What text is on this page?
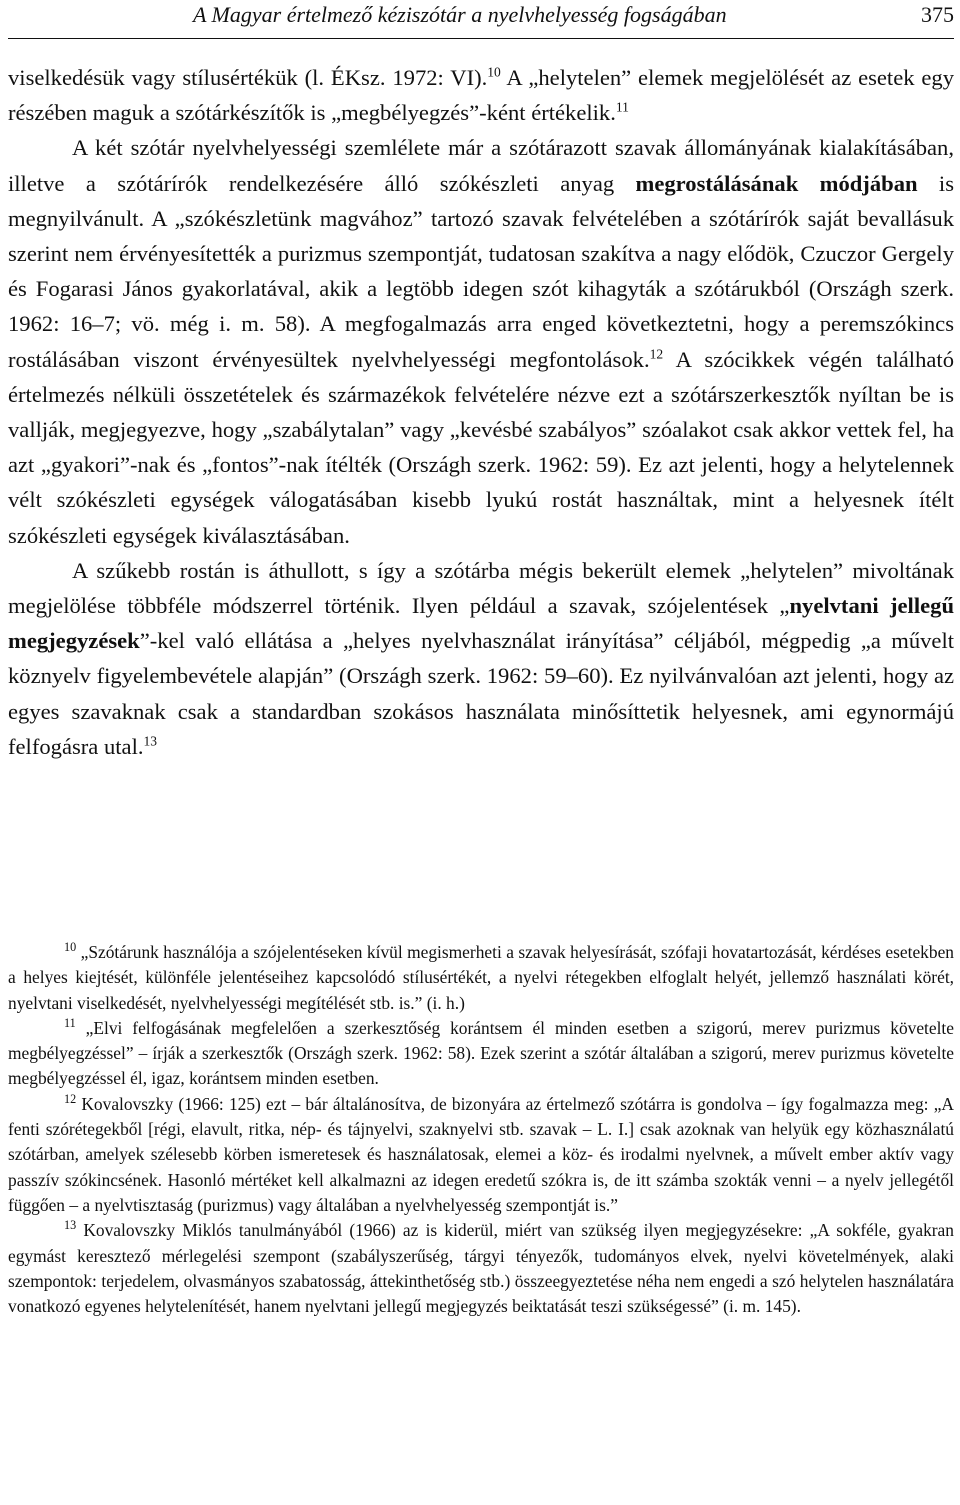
A Magyar értelmező kéziszótár a nyelvhelyesség fogságában	375

viselkedésük vagy stílusértékük (l. ÉKsz. 1972: VI).$^{10}$ A „helytelen” elemek megjelölését az esetek egy részében maguk a szótárkészítők is „megbélyegzés”-ként értékelik.$^{11}$

A két szótár nyelvhelyességi szemlélete már a szótárazott szavak állományának kialakításában, illetve a szótárírók rendelkezésére álló szókészleti anyag megrostálásának módjában is megnyilvánult. A „szókészletünk magvához” tartozó szavak felvételében a szótárírók saját bevallásuk szerint nem érvényesítették a purizmus szempontját, tudatosan szakítva a nagy elődök, Czuczor Gergely és Fogarasi János gyakorlatával, akik a legtöbb idegen szót kihagyták a szótárukból (Országh szerk. 1962: 16–7; vö. még i. m. 58). A megfogalmazás arra enged következtetni, hogy a peremszókincs rostálásában viszont érvényesültek nyelvhelyességi megfontolások.$^{12}$ A szócikkek végén található értelmezés nélküli összetételek és származékok felvételére nézve ezt a szótárszerkesztők nyíltan be is vallják, megjegyezve, hogy „szabálytalan” vagy „kevésbé szabályos” szóalakot csak akkor vettek fel, ha azt „gyakori”-nak és „fontos”-nak ítélték (Országh szerk. 1962: 59). Ez azt jelenti, hogy a helytelennek vélt szókészleti egységek válogatásában kisebb lyukú rostát használtak, mint a helyesnek ítélt szókészleti egységek kiválasztásában.

A szűkebb rostán is áthullott, s így a szótárba mégis bekerült elemek „helytelen” mivoltának megjelölése többféle módszerrel történik. Ilyen például a szavak, szójelentések „nyelvtani jellegű megjegyzések”-kel való ellátása a „helyes nyelvhasználat irányítása” céljából, mégpedig „a művelt köznyelv figyelembevétele alapján” (Országh szerk. 1962: 59–60). Ez nyilvánvalóan azt jelenti, hogy az egyes szavaknak csak a standardban szokásos használata minősíttetik helyesnek, ami egynormájú felfogásra utal.$^{13}$

$^{10}$ „Szótárunk használója a szójelentéseken kívül megismerheti a szavak helyesírását, szófaji hovatartozását, kérdéses esetekben a helyes kiejtését, különféle jelentéseihez kapcsolódó stílusértékét, a nyelvi rétegekben elfoglalt helyét, jellemző használati körét, nyelvtani viselkedését, nyelvhelyességi megítélését stb. is.” (i. h.)

$^{11}$ „Elvi felfogásának megfelelően a szerkesztőség korántsem él minden esetben a szigorú, merev purizmus követelte megbélyegzéssel” – írják a szerkesztők (Országh szerk. 1962: 58). Ezek szerint a szótár általában a szigorú, merev purizmus követelte megbélyegzéssel él, igaz, korántsem minden esetben.

$^{12}$ Kovalovszky (1966: 125) ezt – bár általánosítva, de bizonyára az értelmező szótárra is gondolva – így fogalmazza meg: „A fenti szórétegekből [régi, elavult, ritka, nép- és tájnyelvi, szaknyelvi stb. szavak – L. I.] csak azoknak van helyük egy közhasználatú szótárban, amelyek szélesebb körben ismeretesek és használatosak, elemei a köz- és irodalmi nyelvnek, a művelt ember aktív vagy passzív szókincsének. Hasonló mértéket kell alkalmazni az idegen eredetű szókra is, de itt számba szokták venni – a nyelv jellegétől függően – a nyelvtisztaság (purizmus) vagy általában a nyelvhelyesség szempontját is.”

$^{13}$ Kovalovszky Miklós tanulmányából (1966) az is kiderül, miért van szükség ilyen megjegyzésekre: „A sokféle, gyakran egymást keresztező mérlegelési szempont (szabályszerűség, tárgyi tényezők, tudományos elvek, nyelvi követelmények, alaki szempontok: terjedelem, olvasmányos szabatosság, áttekinthetőség stb.) összeegyeztetése néha nem engedi a szó helytelen használatára vonatkozó egyenes helytelenítését, hanem nyelvtani jellegű megjegyzés beiktatását teszi szükségessé” (i. m. 145).
